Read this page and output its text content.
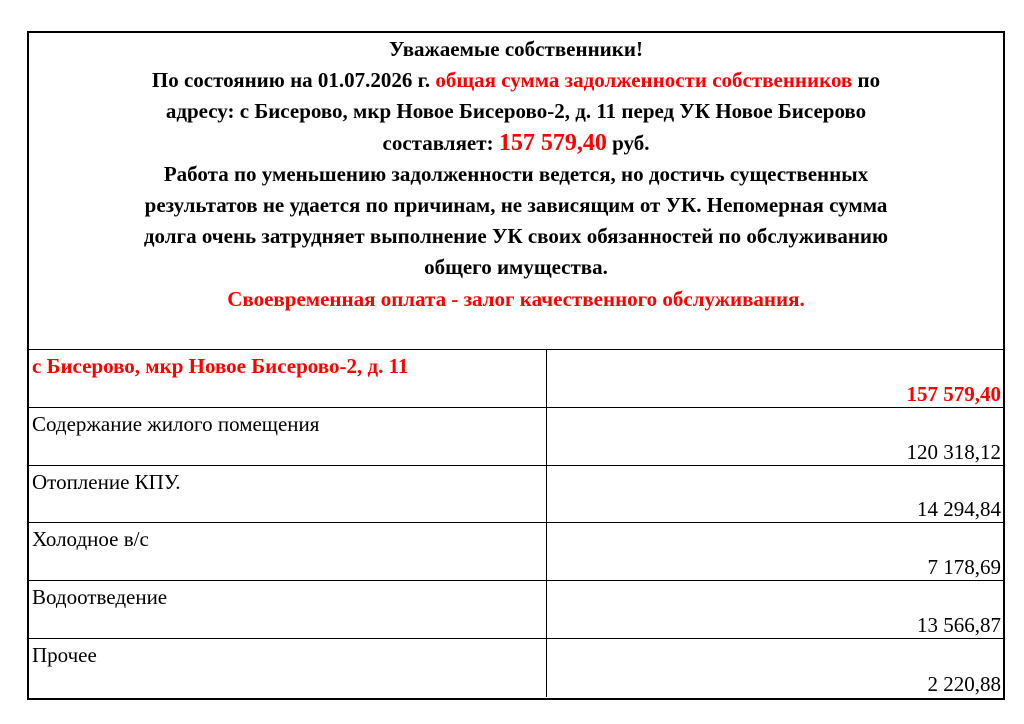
Уважаемые собственники!
По состоянию на 01.07.2026 г. общая сумма задолженности собственников по
адресу: с Бисерово, мкр Новое Бисерово-2, д. 11 перед УК Новое Бисерово
составляет: 157 579,40 руб.
Работа по уменьшению задолженности ведется, но достичь существенных
результатов не удается по причинам, не зависящим от УК. Непомерная сумма
долга очень затрудняет выполнение УК своих обязанностей по обслуживанию
общего имущества.
Своевременная оплата - залог качественного обслуживания.
с Бисерово, мкр Новое Бисерово-2, д. 11
157 579,40
Содержание жилого помещения
120 318,12
Отопление КПУ.
14 294,84
Холодное в/с
7 178,69
Водоотведение
13 566,87
Прочее
2 220,88
